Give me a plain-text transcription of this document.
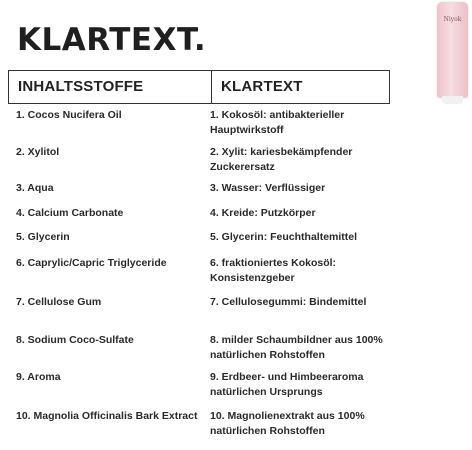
KLARTEXT.
Niyok
INHALTSSTOFFE	KLARTEXT
1. Cocos Nucifera Oil	1. Kokosöl: antibakterieller Hauptwirkstoff
2. Xylitol	2. Xylit: kariesbekämpfender Zuckerersatz
3. Aqua	3. Wasser: Verflüssiger
4. Calcium Carbonate	4. Kreide: Putzkörper
5. Glycerin	5. Glycerin: Feuchthaltemittel
6. Caprylic/Capric Triglyceride	6. fraktioniertes Kokosöl: Konsistenzgeber
7. Cellulose Gum	7. Cellulosegummi: Bindemittel
8. Sodium Coco-Sulfate	8. milder Schaumbildner aus 100% natürlichen Rohstoffen
9. Aroma	9. Erdbeer- und Himbeeraroma natürlichen Ursprungs
10. Magnolia Officinalis Bark Extract	10. Magnolienextrakt aus 100% natürlichen Rohstoffen
